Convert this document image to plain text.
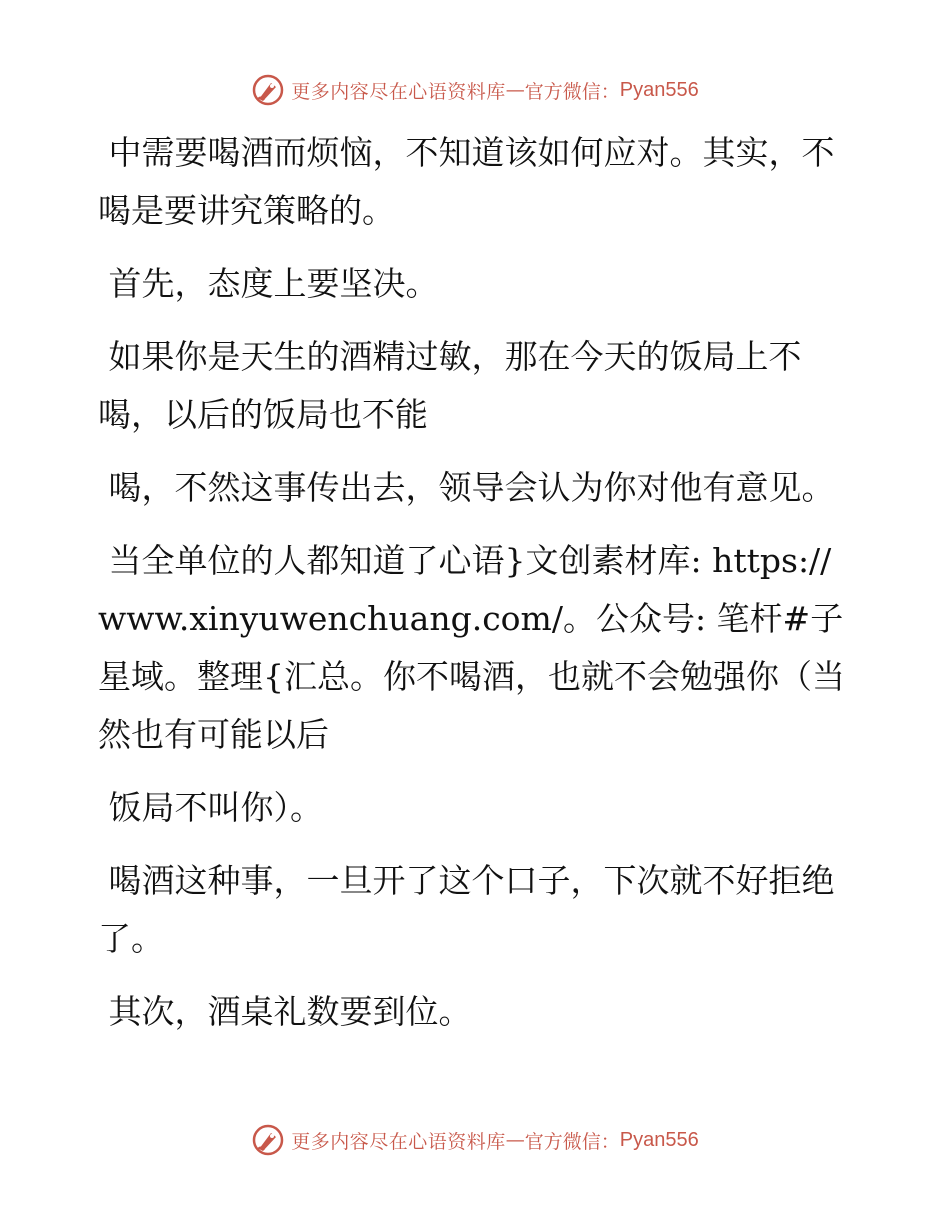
更多内容尽在心语资料库 — 官方微信： Pyan556

中需要喝酒而烦恼，不知道该如何应对。其实，不喝是要讲究策略的。

首先，态度上要坚决。

如果你是天生的酒精过敏，那在今天的饭局上不喝，以后的饭局也不能

喝，不然这事传出去，领导会认为你对他有意见。

当全单位的人都知道了心语}文创素材库: https://www.xinyuwenchuang.com/。公众号: 笔杆#子星域。整理{汇总。你不喝酒，也就不会勉强你（当然也有可能以后

饭局不叫你）。

喝酒这种事，一旦开了这个口子，下次就不好拒绝了。

其次，酒桌礼数要到位。

更多内容尽在心语资料库 — 官方微信： Pyan556
